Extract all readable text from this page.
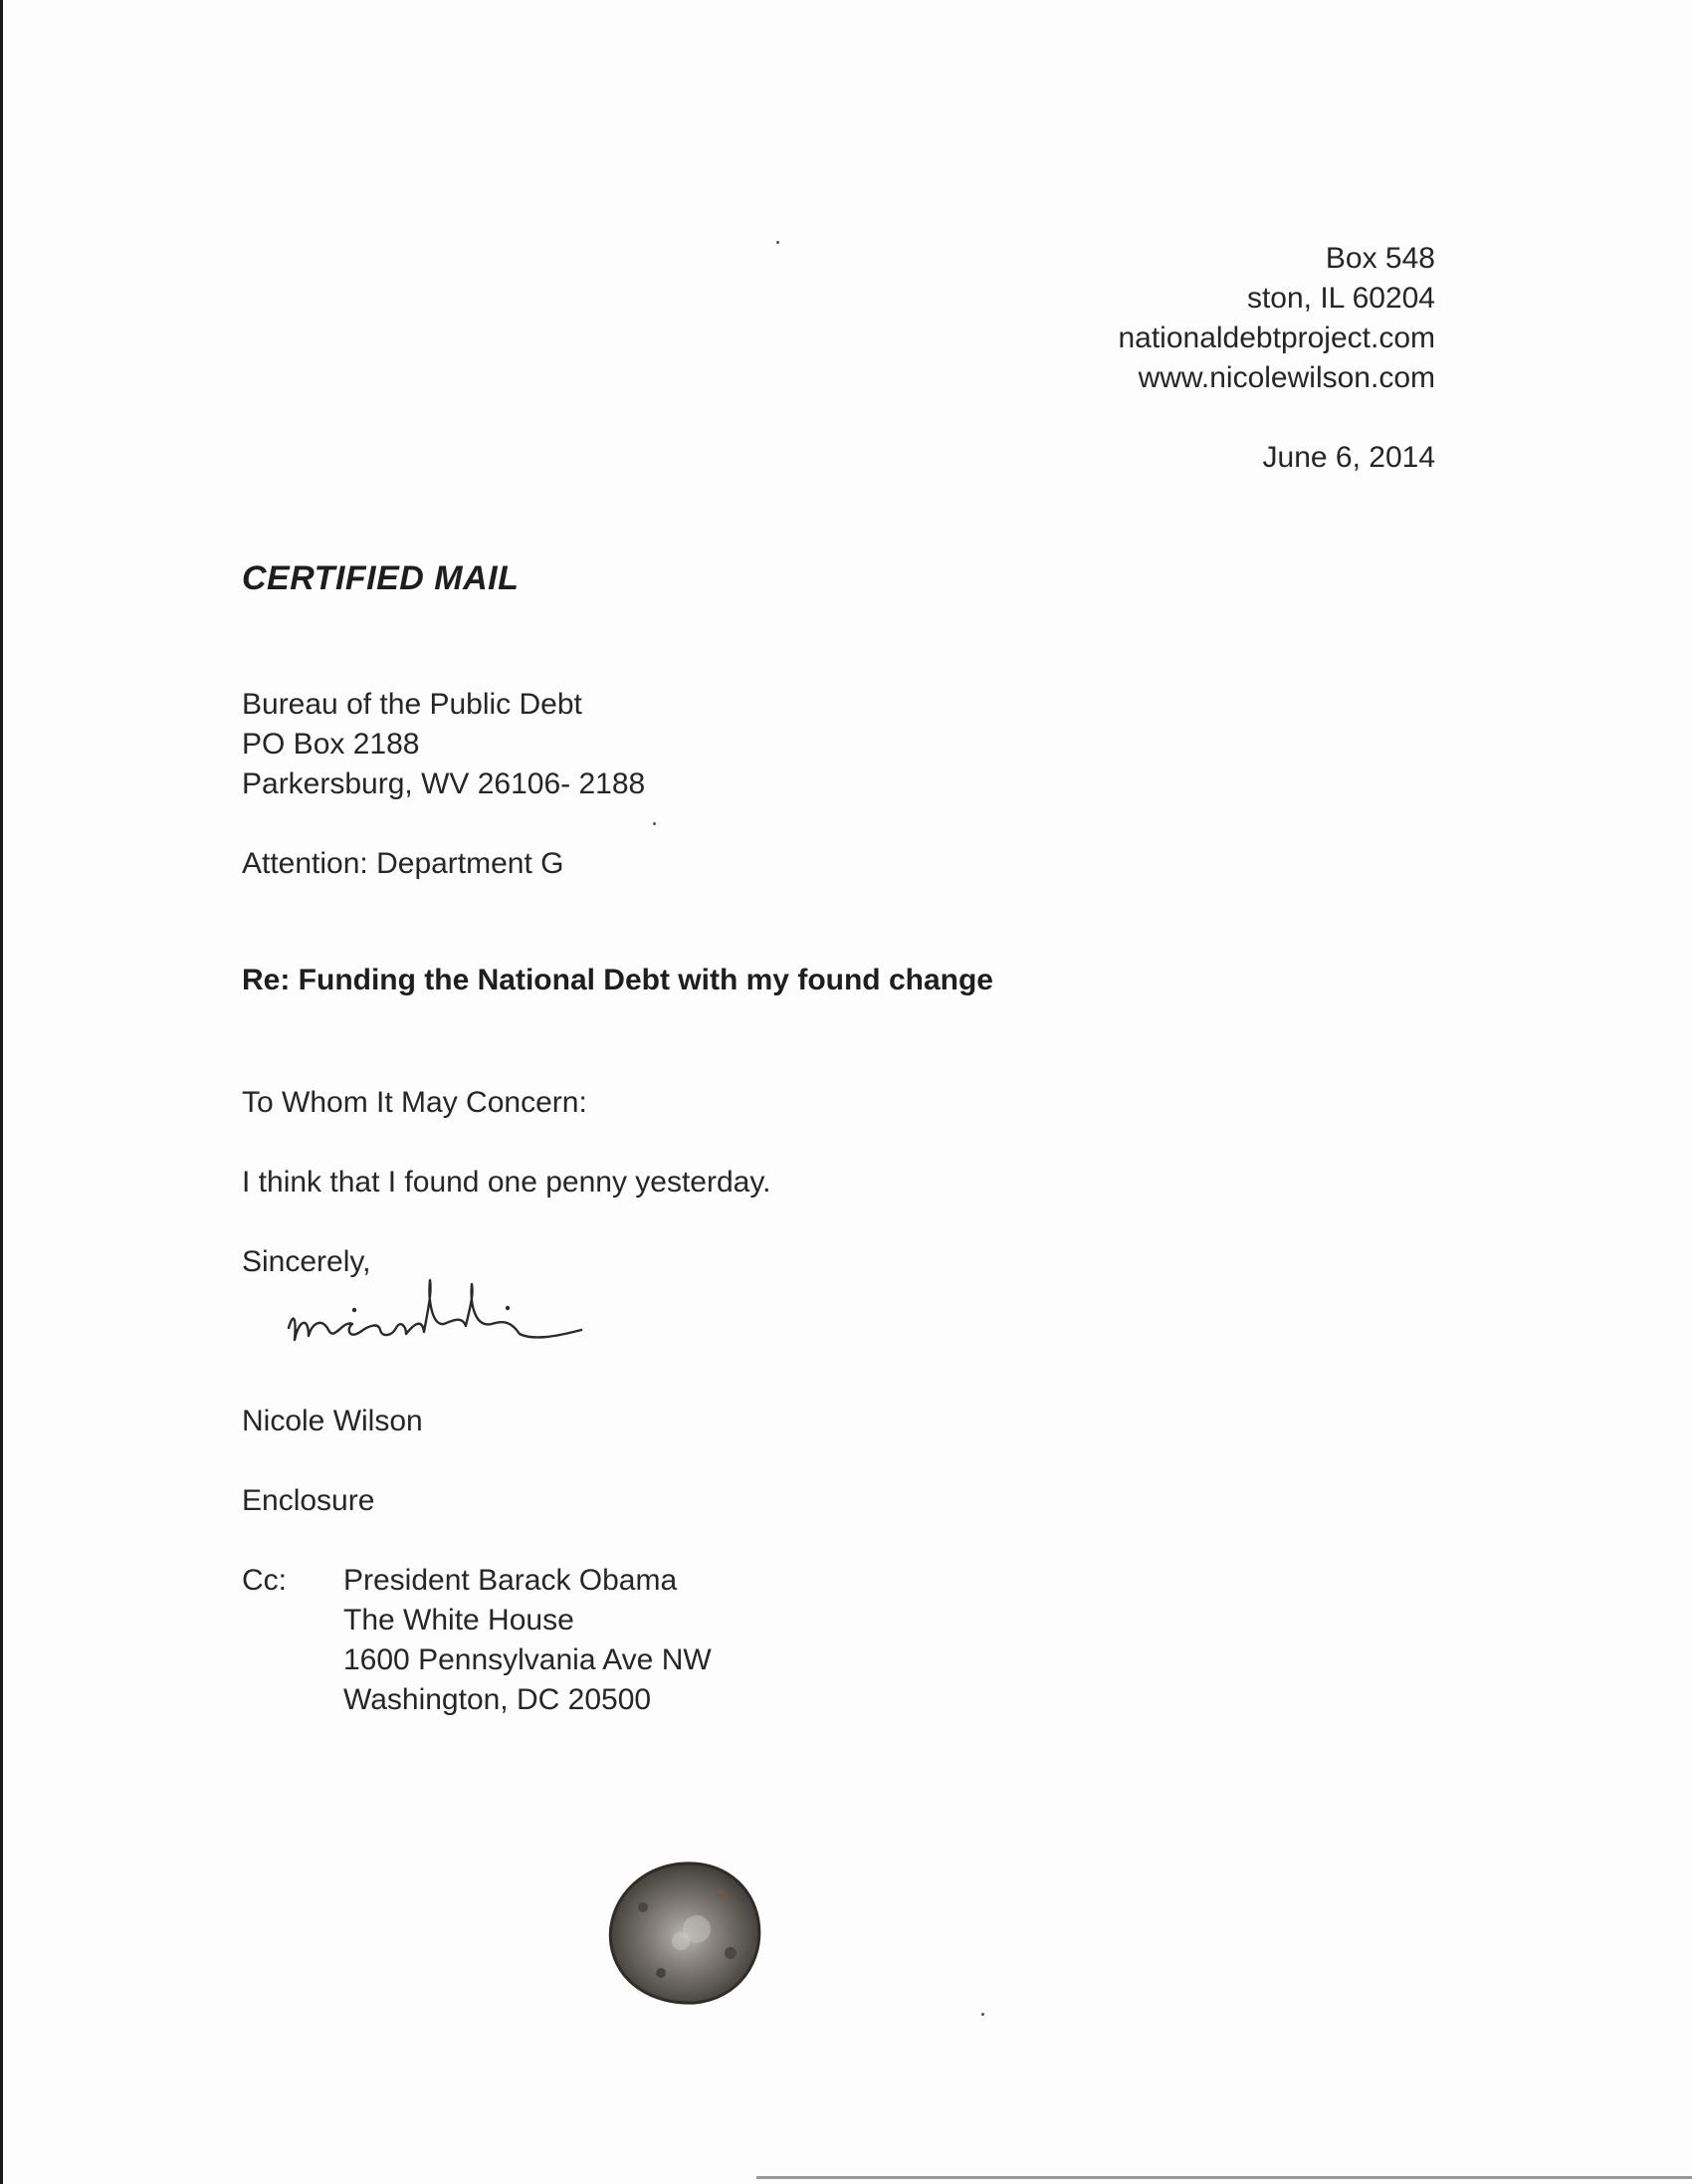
Box 548
ston, IL 60204
nationaldebtproject.com
www.nicolewilson.com
June 6, 2014
CERTIFIED MAIL
Bureau of the Public Debt
PO Box 2188
Parkersburg, WV 26106- 2188
Attention: Department G
Re: Funding the National Debt with my found change
To Whom It May Concern:
I think that I found one penny yesterday.
Sincerely,
Nicole Wilson
Enclosure
Cc: President Barack Obama
The White House
1600 Pennsylvania Ave NW
Washington, DC 20500
